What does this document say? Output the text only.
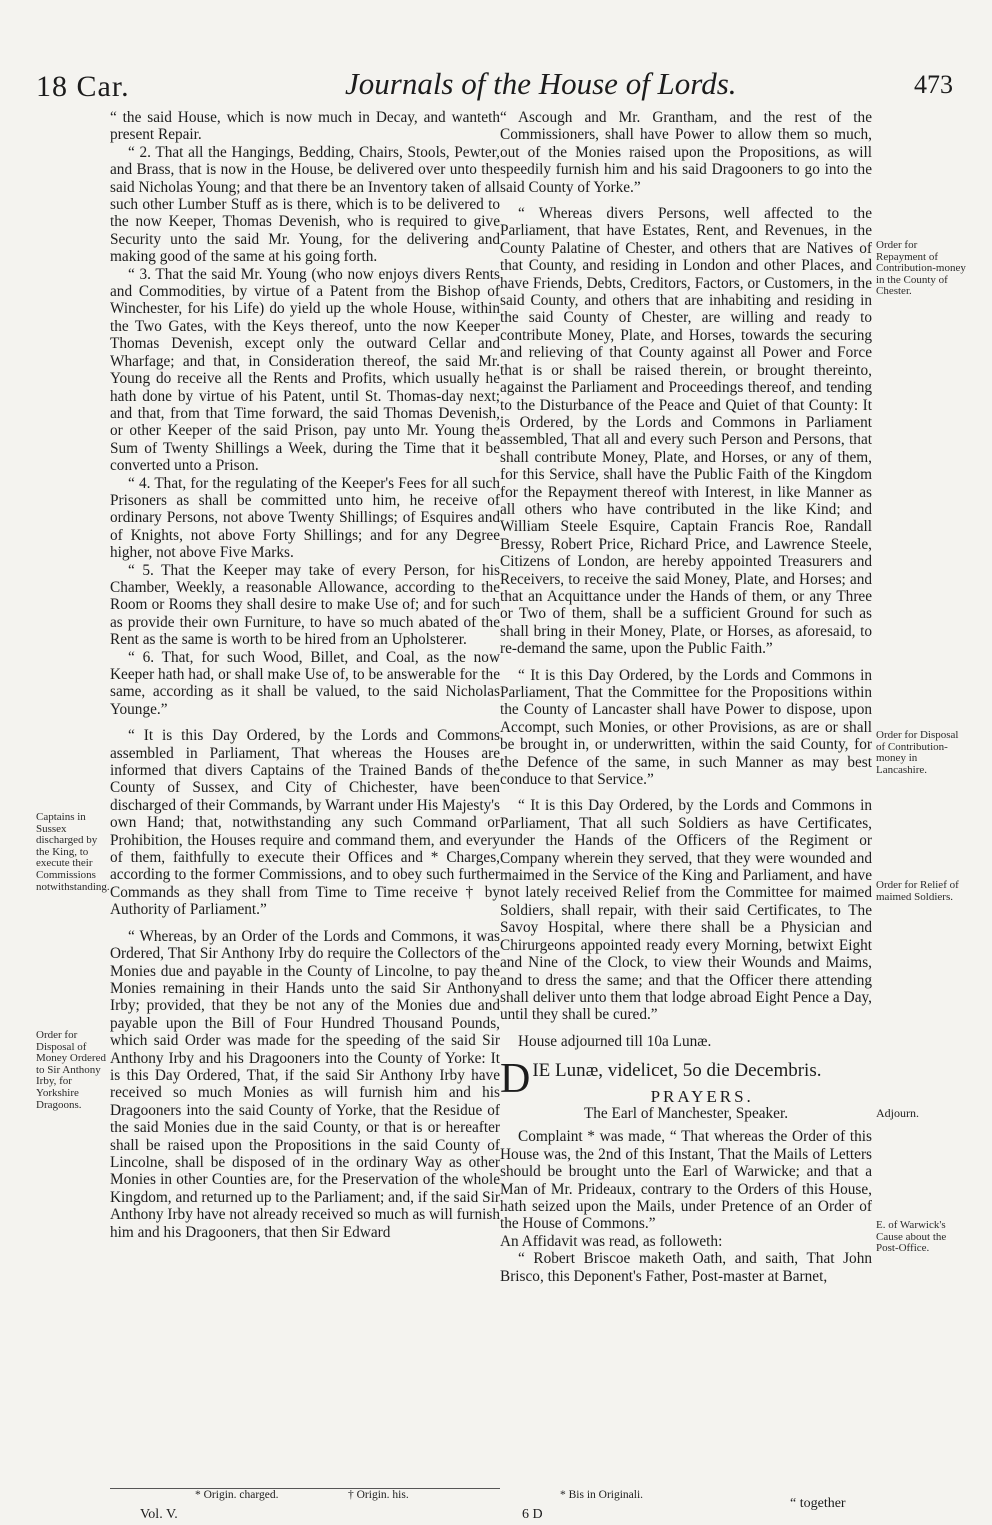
18 Car.	Journals of the House of Lords.	473

“ the said House, which is now much in Decay, and wanteth present Repair.

“ 2. That all the Hangings, Bedding, Chairs, Stools, Pewter, and Brass, that is now in the House, be delivered over unto the said Nicholas Young; and that there be an Inventory taken of all such other Lumber Stuff as is there, which is to be delivered to the now Keeper, Thomas Devenish, who is required to give Security unto the said Mr. Young, for the delivering and making good of the same at his going forth.

“ 3. That the said Mr. Young (who now enjoys divers Rents and Commodities, by virtue of a Patent from the Bishop of Winchester, for his Life) do yield up the whole House, within the Two Gates, with the Keys thereof, unto the now Keeper Thomas Devenish, except only the outward Cellar and Wharfage; and that, in Consideration thereof, the said Mr. Young do receive all the Rents and Profits, which usually he hath done by virtue of his Patent, until St. Thomas-day next; and that, from that Time forward, the said Thomas Devenish, or other Keeper of the said Prison, pay unto Mr. Young the Sum of Twenty Shillings a Week, during the Time that it be converted unto a Prison.

“ 4. That, for the regulating of the Keeper's Fees for all such Prisoners as shall be committed unto him, he receive of ordinary Persons, not above Twenty Shillings; of Esquires and of Knights, not above Forty Shillings; and for any Degree higher, not above Five Marks.

“ 5. That the Keeper may take of every Person, for his Chamber, Weekly, a reasonable Allowance, according to the Room or Rooms they shall desire to make Use of; and for such as provide their own Furniture, to have so much abated of the Rent as the same is worth to be hired from an Upholsterer.

“ 6. That, for such Wood, Billet, and Coal, as the now Keeper hath had, or shall make Use of, to be answerable for the same, according as it shall be valued, to the said Nicholas Younge.”

“ It is this Day Ordered, by the Lords and Commons assembled in Parliament, That whereas the Houses are informed that divers Captains of the Trained Bands of the County of Sussex, and City of Chichester, have been discharged of their Commands, by Warrant under His Majesty's own Hand; that, notwithstanding any such Command or Prohibition, the Houses require and command them, and every of them, faithfully to execute their Offices and * Charges, according to the former Commissions, and to obey such further Commands as they shall from Time to Time receive † by Authority of Parliament.”

“ Whereas, by an Order of the Lords and Commons, it was Ordered, That Sir Anthony Irby do require the Collectors of the Monies due and payable in the County of Lincolne, to pay the Monies remaining in their Hands unto the said Sir Anthony Irby; provided, that they be not any of the Monies due and payable upon the Bill of Four Hundred Thousand Pounds, which said Order was made for the speeding of the said Sir Anthony Irby and his Dragooners into the County of Yorke: It is this Day Ordered, That, if the said Sir Anthony Irby have received so much Monies as will furnish him and his Dragooners into the said County of Yorke, that the Residue of the said Monies due in the said County, or that is or hereafter shall be raised upon the Propositions in the said County of Lincolne, shall be disposed of in the ordinary Way as other Monies in other Counties are, for the Preservation of the whole Kingdom, and returned up to the Parliament; and, if the said Sir Anthony Irby have not already received so much as will furnish him and his Dragooners, that then Sir Edward

“ Ascough and Mr. Grantham, and the rest of the Commissioners, shall have Power to allow them so much, out of the Monies raised upon the Propositions, as will speedily furnish him and his said Dragooners to go into the said County of Yorke.”

“ Whereas divers Persons, well affected to the Parliament, that have Estates, Rent, and Revenues, in the County Palatine of Chester, and others that are Natives of that County, and residing in London and other Places, and have Friends, Debts, Creditors, Factors, or Customers, in the said County, and others that are inhabiting and residing in the said County of Chester, are willing and ready to contribute Money, Plate, and Horses, towards the securing and relieving of that County against all Power and Force that is or shall be raised therein, or brought thereinto, against the Parliament and Proceedings thereof, and tending to the Disturbance of the Peace and Quiet of that County: It is Ordered, by the Lords and Commons in Parliament assembled, That all and every such Person and Persons, that shall contribute Money, Plate, and Horses, or any of them, for this Service, shall have the Public Faith of the Kingdom for the Repayment thereof with Interest, in like Manner as all others who have contributed in the like Kind; and William Steele Esquire, Captain Francis Roe, Randall Bressy, Robert Price, Richard Price, and Lawrence Steele, Citizens of London, are hereby appointed Treasurers and Receivers, to receive the said Money, Plate, and Horses; and that an Acquittance under the Hands of them, or any Three or Two of them, shall be a sufficient Ground for such as shall bring in their Money, Plate, or Horses, as aforesaid, to re-demand the same, upon the Public Faith.”

“ It is this Day Ordered, by the Lords and Commons in Parliament, That the Committee for the Propositions within the County of Lancaster shall have Power to dispose, upon Accompt, such Monies, or other Provisions, as are or shall be brought in, or underwritten, within the said County, for the Defence of the same, in such Manner as may best conduce to that Service.”

“ It is this Day Ordered, by the Lords and Commons in Parliament, That all such Soldiers as have Certificates, under the Hands of the Officers of the Regiment or Company wherein they served, that they were wounded and maimed in the Service of the King and Parliament, and have not lately received Relief from the Committee for maimed Soldiers, shall repair, with their said Certificates, to The Savoy Hospital, where there shall be a Physician and Chirurgeons appointed ready every Morning, betwixt Eight and Nine of the Clock, to view their Wounds and Maims, and to dress the same; and that the Officer there attending shall deliver unto them that lodge abroad Eight Pence a Day, until they shall be cured.”

House adjourned till 10a Lunæ.

DIE Lunæ, videlicet, 5o die Decembris.

PRAYERS.

The Earl of Manchester, Speaker.

Complaint * was made, “ That whereas the Order of this House was, the 2nd of this Instant, That the Mails of Letters should be brought unto the Earl of Warwicke; and that a Man of Mr. Prideaux, contrary to the Orders of this House, hath seized upon the Mails, under Pretence of an Order of the House of Commons.”

An Affidavit was read, as followeth:

“ Robert Briscoe maketh Oath, and saith, That John Brisco, this Deponent's Father, Post-master at Barnet,

Captains in Sussex discharged by the King, to execute their Commissions notwithstanding.
Order for Disposal of Money Ordered to Sir Anthony Irby, for Yorkshire Dragoons.
Order for Repayment of Contribution-money in the County of Chester.
Order for Disposal of Contribution-money in Lancashire.
Order for Relief of maimed Soldiers.
Adjourn.
E. of Warwick's Cause about the Post-Office.
* Origin. charged.	† Origin. his.	* Bis in Originali.
Vol. V.	6 D
“ together
